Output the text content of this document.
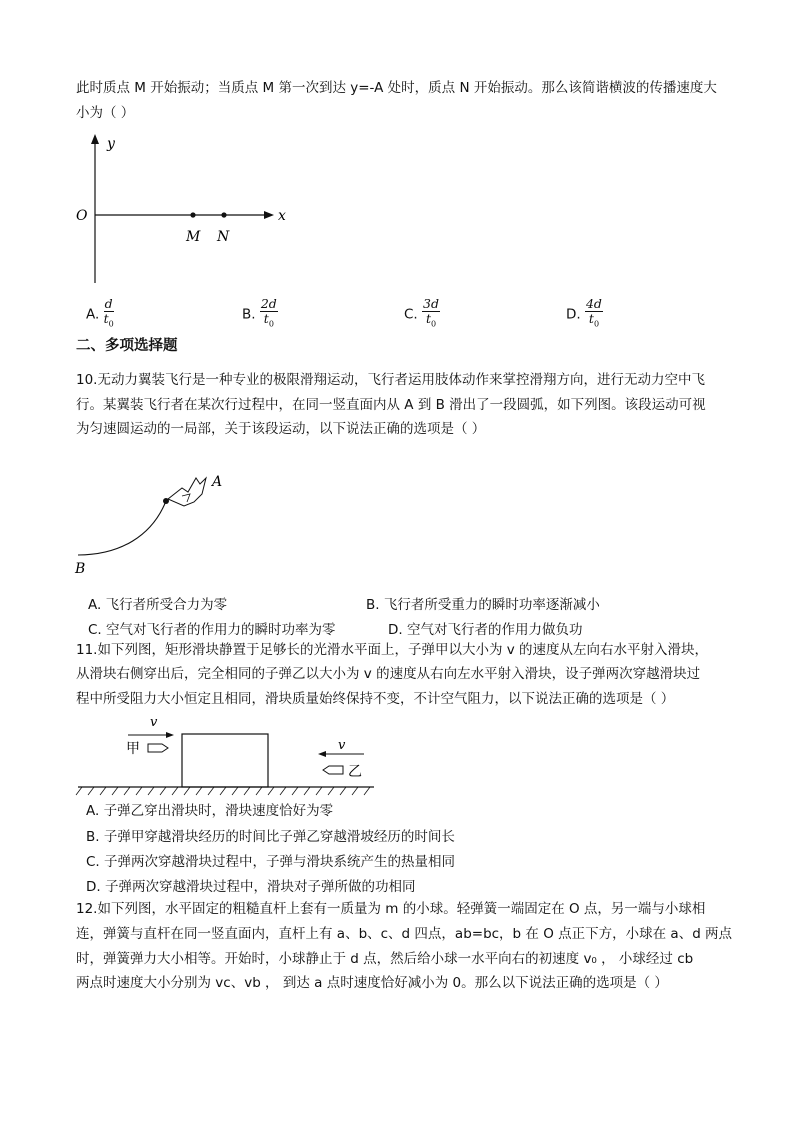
此时质点 M 开始振动；当质点 M 第一次到达 y=-A 处时，质点 N 开始振动。那么该简谐横波的传播速度大
小为（ ）
y
O	x
M N
A. $\frac{d}{t_0}$	B. $\frac{2d}{t_0}$	C. $\frac{3d}{t_0}$	D. $\frac{4d}{t_0}$
二、多项选择题
10.无动力翼装飞行是一种专业的极限滑翔运动，飞行者运用肢体动作来掌控滑翔方向，进行无动力空中飞
行。某翼装飞行者在某次行过程中，在同一竖直面内从 A 到 B 滑出了一段圆弧，如下列图。该段运动可视
为匀速圆运动的一局部，关于该段运动，以下说法正确的选项是（ ）
A
B
A. 飞行者所受合力为零	B. 飞行者所受重力的瞬时功率逐渐减小
C. 空气对飞行者的作用力的瞬时功率为零	D. 空气对飞行者的作用力做负功
11.如下列图，矩形滑块静置于足够长的光滑水平面上，子弹甲以大小为 v 的速度从左向右水平射入滑块，
从滑块右侧穿出后，完全相同的子弹乙以大小为 v 的速度从右向左水平射入滑块，设子弹两次穿越滑块过
程中所受阻力大小恒定且相同，滑块质量始终保持不变，不计空气阻力，以下说法正确的选项是（ ）
v
甲	v
乙
A. 子弹乙穿出滑块时，滑块速度恰好为零
B. 子弹甲穿越滑块经历的时间比子弹乙穿越滑坡经历的时间长
C. 子弹两次穿越滑块过程中，子弹与滑块系统产生的热量相同
D. 子弹两次穿越滑块过程中，滑块对子弹所做的功相同
12.如下列图，水平固定的粗糙直杆上套有一质量为 m 的小球。轻弹簧一端固定在 O 点，另一端与小球相
连，弹簧与直杆在同一竖直面内，直杆上有 a、b、c、d 四点，ab=bc，b 在 O 点正下方，小球在 a、d 两点
时，弹簧弹力大小相等。开始时，小球静止于 d 点，然后给小球一水平向右的初速度 v₀ ， 小球经过 cb
两点时速度大小分别为 vc、vb ， 到达 a 点时速度恰好减小为 0。那么以下说法正确的选项是（ ）
